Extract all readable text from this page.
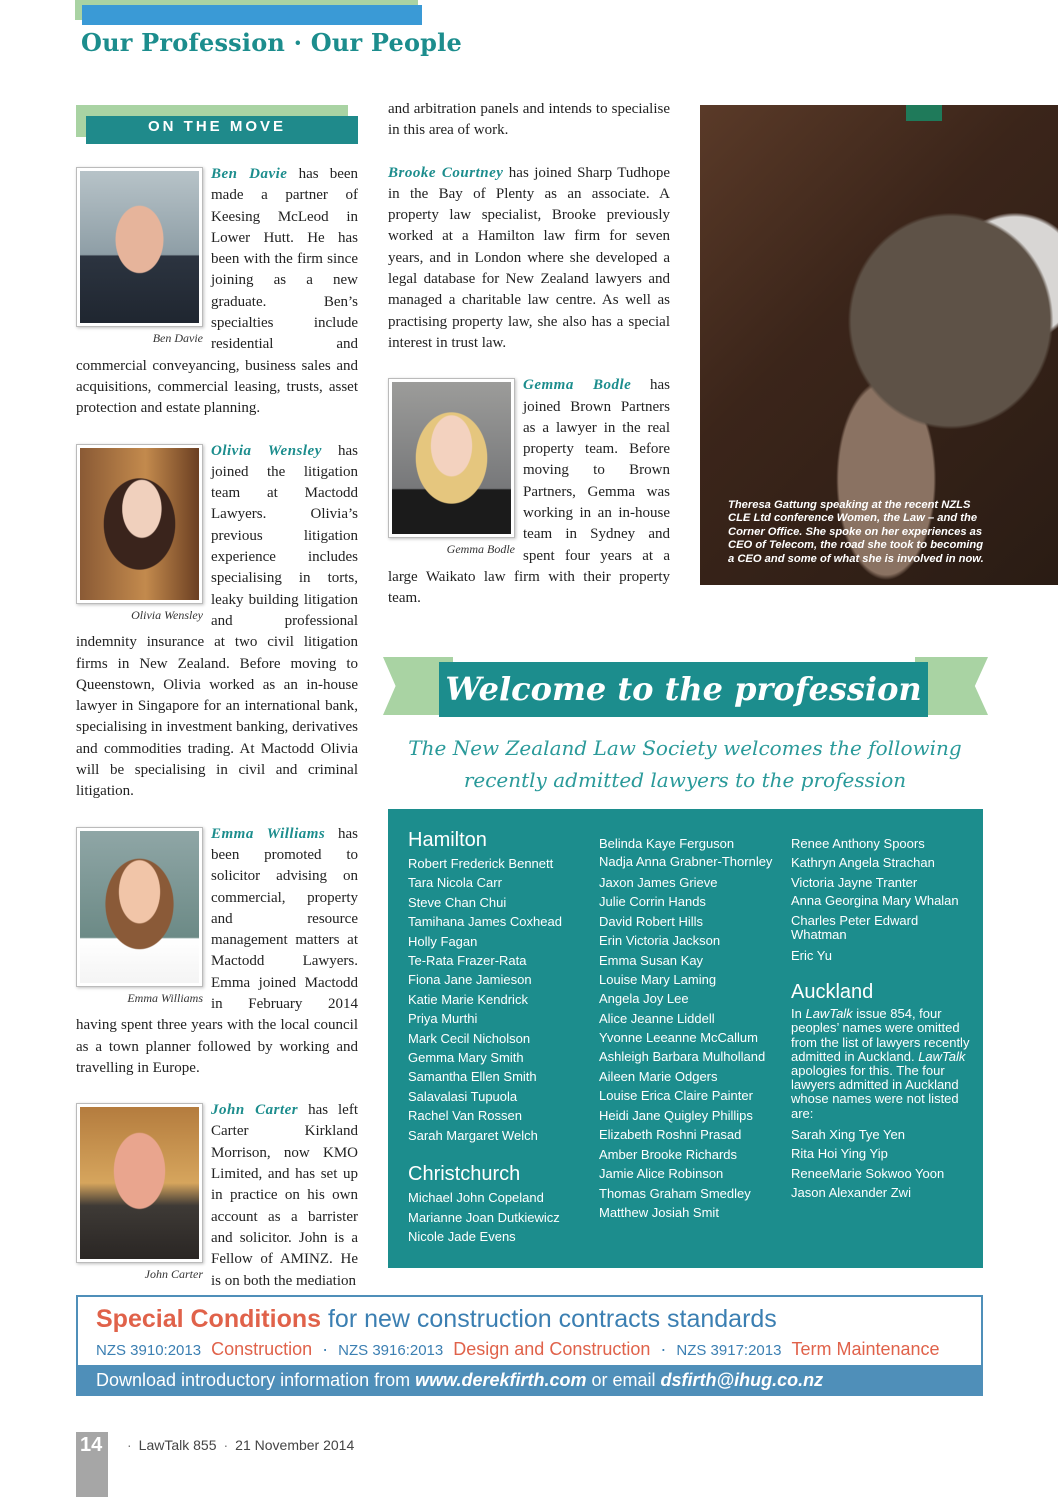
Our Profession · Our People
ON THE MOVE

Ben Davie
Ben Davie has been made a partner of Keesing McLeod in Lower Hutt. He has been with the firm since joining as a new graduate. Ben’s specialties include residential and commercial conveyancing, business sales and acquisitions, commercial leasing, trusts, asset protection and estate planning.

Olivia Wensley
Olivia Wensley has joined the litigation team at Mactodd Lawyers. Olivia’s previous litigation experience includes specialising in torts, leaky building litigation and professional indemnity insurance at two civil litigation firms in New Zealand. Before moving to Queenstown, Olivia worked as an in-house lawyer in Singapore for an international bank, specialising in investment banking, derivatives and commodities trading. At Mactodd Olivia will be specialising in civil and criminal litigation.

Emma Williams
Emma Williams has been promoted to solicitor advising on commercial, property and resource management matters at Mactodd Lawyers. Emma joined Mactodd in February 2014 having spent three years with the local council as a town planner followed by working and travelling in Europe.

John Carter
John Carter has left Carter Kirkland Morrison, now KMO Limited, and has set up in practice on his own account as a barrister and solicitor. John is a Fellow of AMINZ. He is on both the mediation

and arbitration panels and intends to specialise in this area of work.

Brooke Courtney has joined Sharp Tudhope in the Bay of Plenty as an associate. A property law specialist, Brooke previously worked at a Hamilton law firm for seven years, and in London where she developed a legal database for New Zealand lawyers and managed a charitable law centre. As well as practising property law, she also has a special interest in trust law.

Gemma Bodle
Gemma Bodle has joined Brown Partners as a lawyer in the real property team. Before moving to Brown Partners, Gemma was working in an in-house team in Sydney and spent four years at a large Waikato law firm with their property team.

Theresa Gattung speaking at the recent NZLS CLE Ltd conference Women, the Law – and the Corner Office. She spoke on her experiences as CEO of Telecom, the road she took to becoming a CEO and some of what she is involved in now.
Welcome to the profession
The New Zealand Law Society welcomes the following recently admitted lawyers to the profession
Hamilton
Robert Frederick Bennett
Tara Nicola Carr
Steve Chan Chui
Tamihana James Coxhead
Holly Fagan
Te-Rata Frazer-Rata
Fiona Jane Jamieson
Katie Marie Kendrick
Priya Murthi
Mark Cecil Nicholson
Gemma Mary Smith
Samantha Ellen Smith
Salavalasi Tupuola
Rachel Van Rossen
Sarah Margaret Welch
Christchurch
Michael John Copeland
Marianne Joan Dutkiewicz
Nicole Jade Evens
Belinda Kaye Ferguson
Nadja Anna Grabner-Thornley
Jaxon James Grieve
Julie Corrin Hands
David Robert Hills
Erin Victoria Jackson
Emma Susan Kay
Louise Mary Laming
Angela Joy Lee
Alice Jeanne Liddell
Yvonne Leeanne McCallum
Ashleigh Barbara Mulholland
Aileen Marie Odgers
Louise Erica Claire Painter
Heidi Jane Quigley Phillips
Elizabeth Roshni Prasad
Amber Brooke Richards
Jamie Alice Robinson
Thomas Graham Smedley
Matthew Josiah Smit
Renee Anthony Spoors
Kathryn Angela Strachan
Victoria Jayne Tranter
Anna Georgina Mary Whalan
Charles Peter Edward Whatman
Eric Yu
Auckland
In LawTalk issue 854, four peoples’ names were omitted from the list of lawyers recently admitted in Auckland. LawTalk apologies for this. The four lawyers admitted in Auckland whose names were not listed are:
Sarah Xing Tye Yen
Rita Hoi Ying Yip
ReneeMarie Sokwoo Yoon
Jason Alexander Zwi
Special Conditions for new construction contracts standards
NZS 3910:2013 Construction · NZS 3916:2013 Design and Construction · NZS 3917:2013 Term Maintenance
Download introductory information from www.derekfirth.com or email dsfirth@ihug.co.nz
14	· LawTalk 855 · 21 November 2014
